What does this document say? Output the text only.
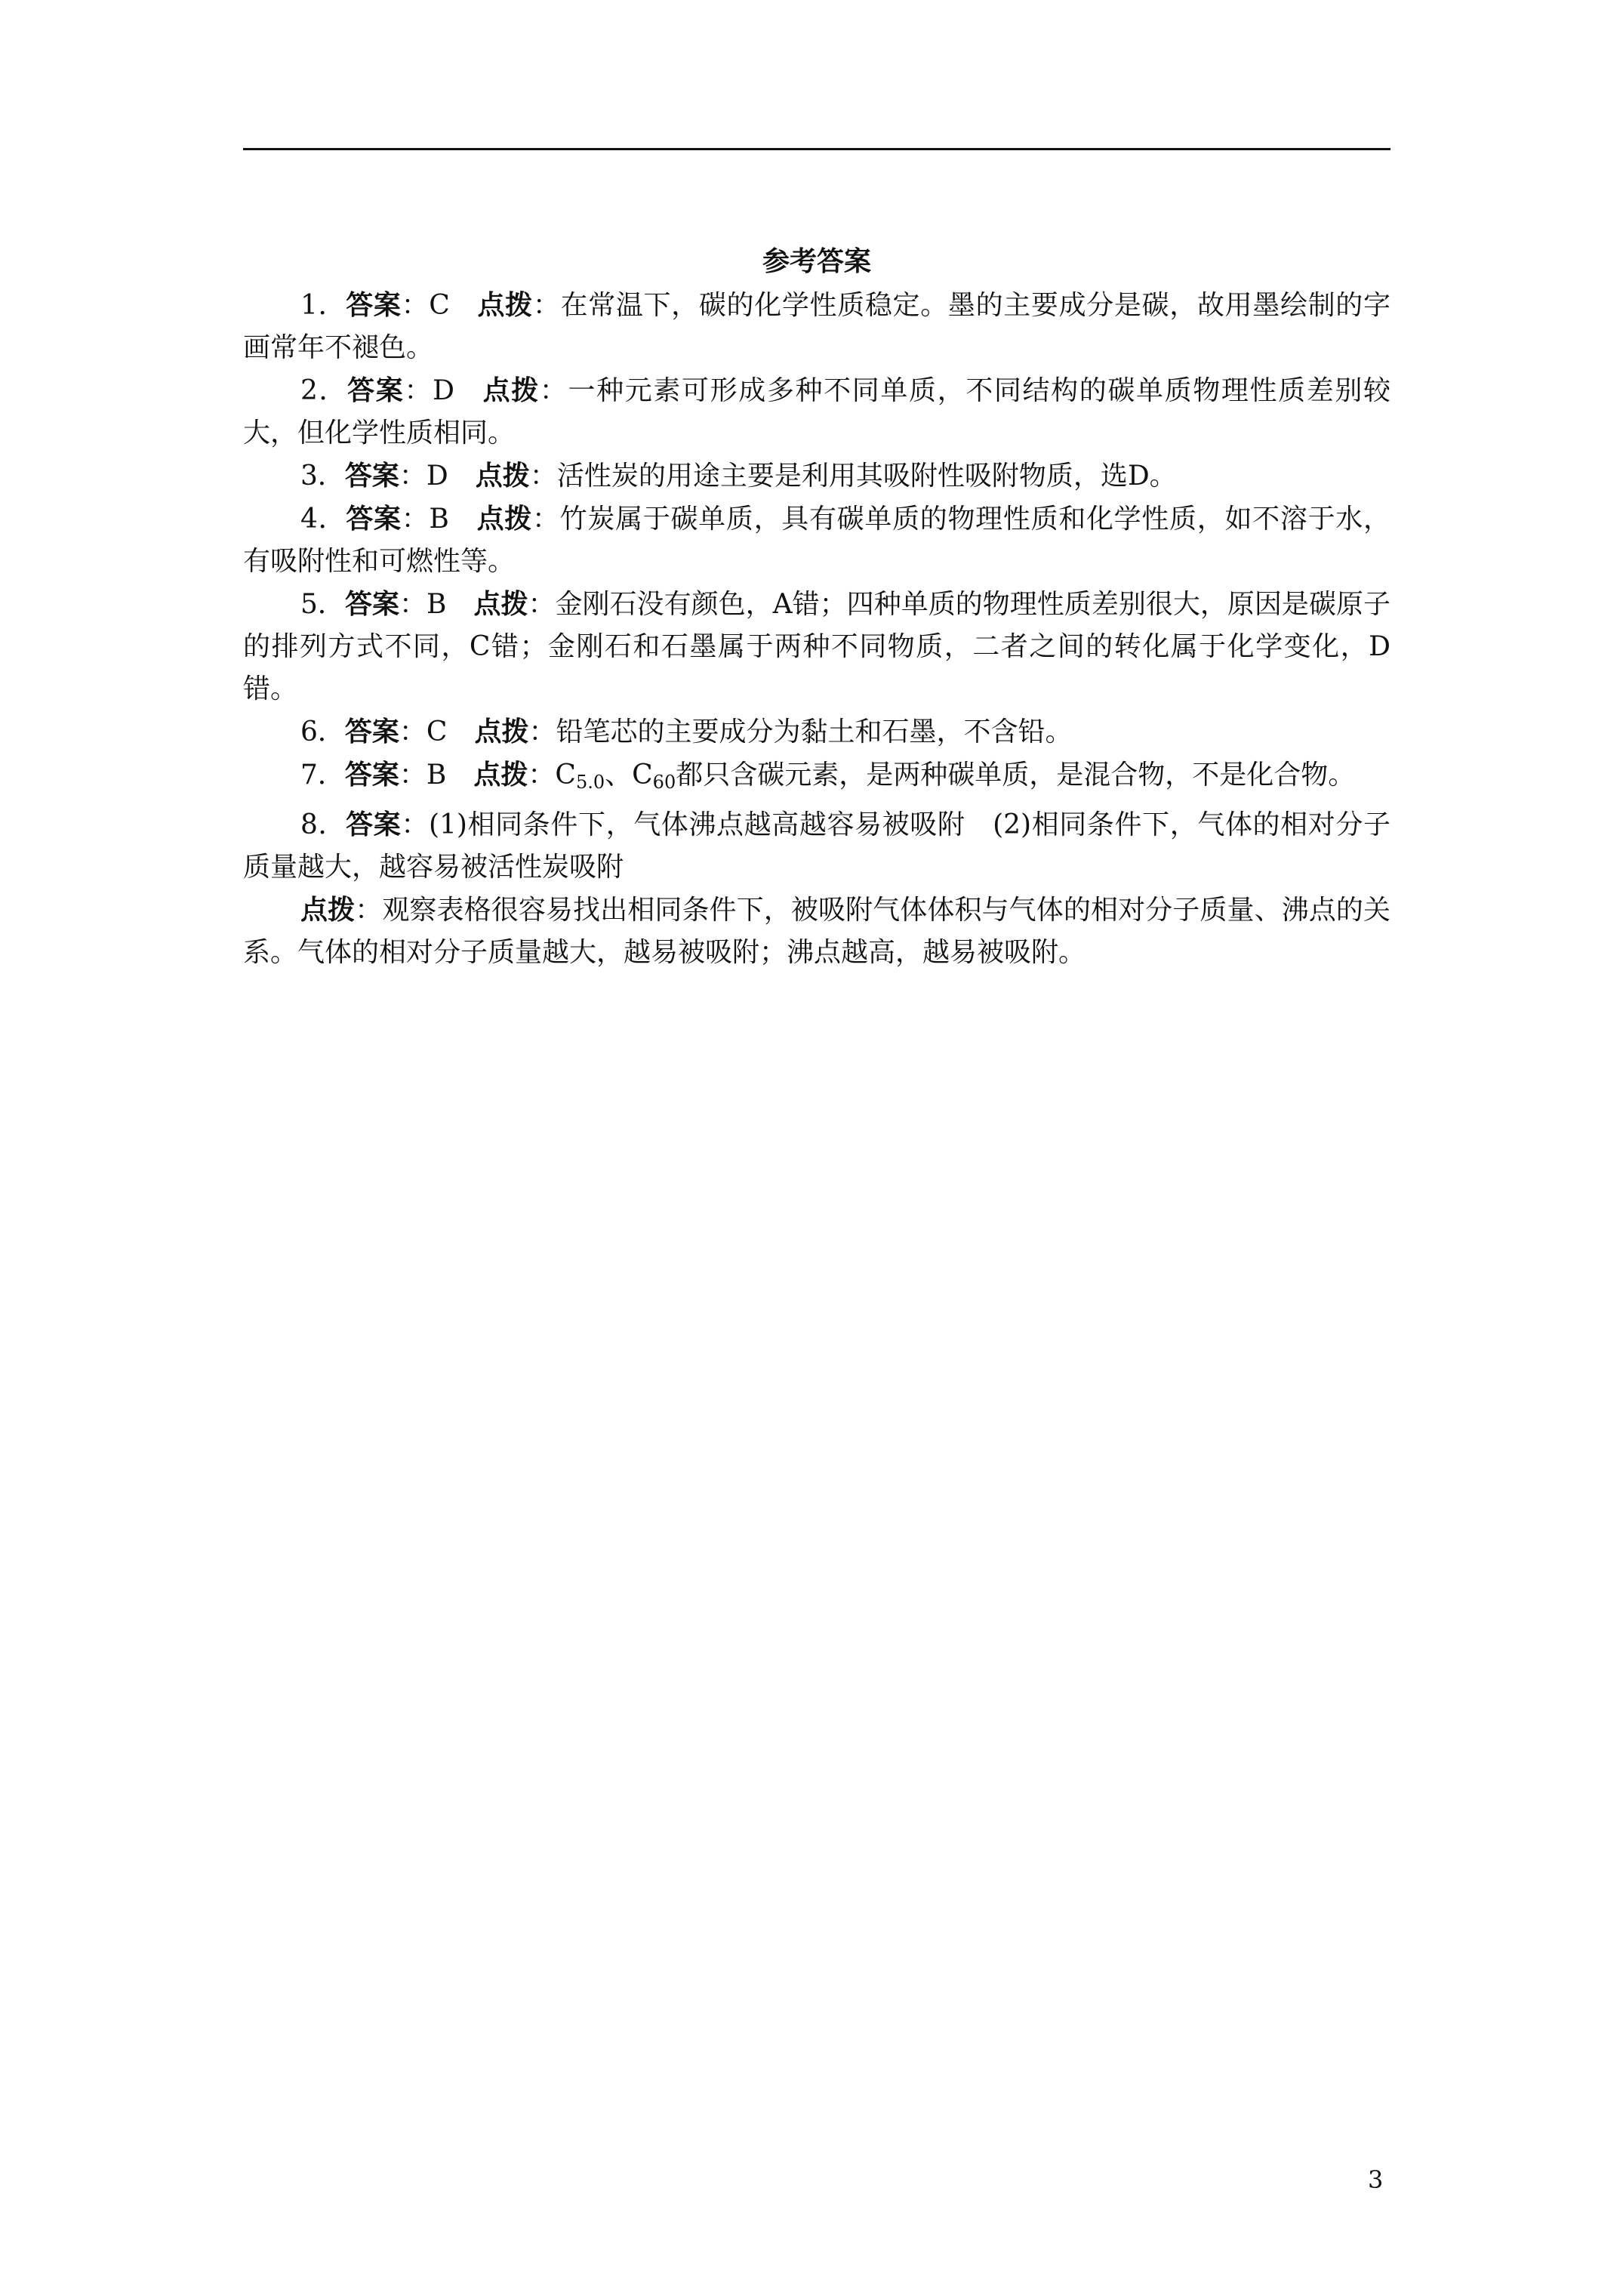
参考答案

1．答案：C 点拨：在常温下，碳的化学性质稳定。墨的主要成分是碳，故用墨绘制的字画常年不褪色。

2．答案：D 点拨：一种元素可形成多种不同单质，不同结构的碳单质物理性质差别较大，但化学性质相同。

3．答案：D 点拨：活性炭的用途主要是利用其吸附性吸附物质，选D。

4．答案：B 点拨：竹炭属于碳单质，具有碳单质的物理性质和化学性质，如不溶于水，有吸附性和可燃性等。

5．答案：B 点拨：金刚石没有颜色，A错；四种单质的物理性质差别很大，原因是碳原子的排列方式不同，C错；金刚石和石墨属于两种不同物质，二者之间的转化属于化学变化，D错。

6．答案：C 点拨：铅笔芯的主要成分为黏土和石墨，不含铅。

7．答案：B 点拨：$C_{5.0}$、$C_{60}$都只含碳元素，是两种碳单质，是混合物，不是化合物。

8．答案：(1)相同条件下，气体沸点越高越容易被吸附　(2)相同条件下，气体的相对分子质量越大，越容易被活性炭吸附

点拨：观察表格很容易找出相同条件下，被吸附气体体积与气体的相对分子质量、沸点的关系。气体的相对分子质量越大，越易被吸附；沸点越高，越易被吸附。

3
